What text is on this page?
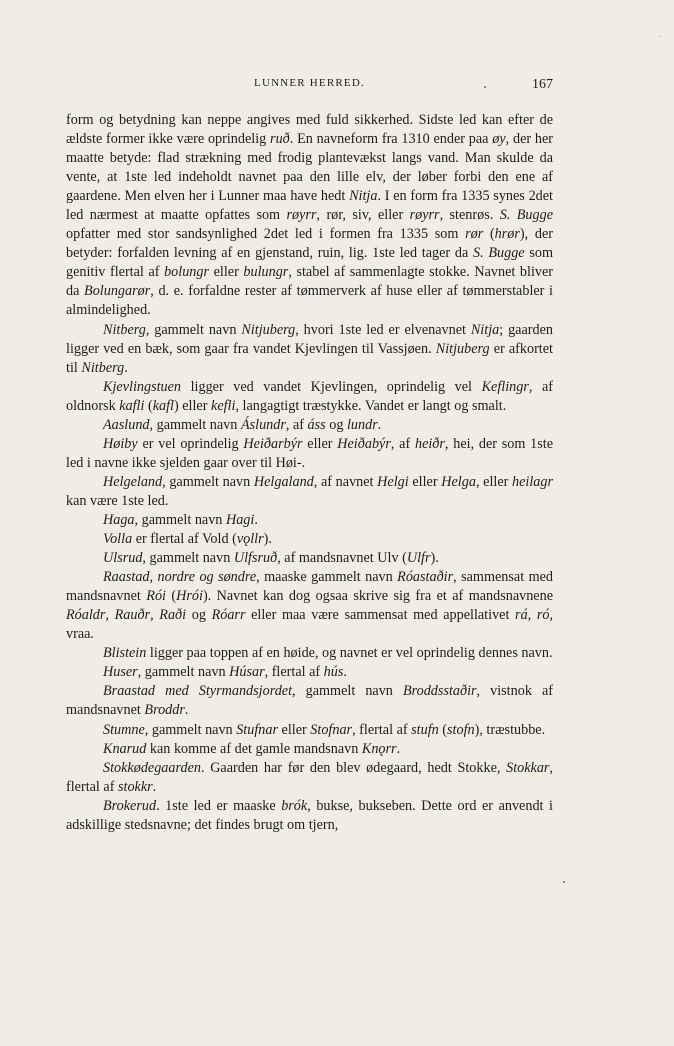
LUNNER HERRED.	167

form og betydning kan neppe angives med fuld sikkerhed. Sidste led kan efter de ældste former ikke være oprindelig ruð. En navneform fra 1310 ender paa øy, der her maatte betyde: flad strækning med frodig plantevækst langs vand. Man skulde da vente, at 1ste led indeholdt navnet paa den lille elv, der løber forbi den ene af gaardene. Men elven her i Lunner maa have hedt Nitja. I en form fra 1335 synes 2det led nærmest at maatte opfattes som røyrr, rør, siv, eller røyrr, stenrøs. S. Bugge opfatter med stor sandsynlighed 2det led i formen fra 1335 som rør (hrør), der betyder: forfalden levning af en gjenstand, ruin, lig. 1ste led tager da S. Bugge som genitiv flertal af bolungr eller bulungr, stabel af sammenlagte stokke. Navnet bliver da Bolungarør, d. e. forfaldne rester af tømmerverk af huse eller af tømmerstabler i almindelighed.

Nitberg, gammelt navn Nitjuberg, hvori 1ste led er elvenavnet Nitja; gaarden ligger ved en bæk, som gaar fra vandet Kjevlingen til Vassjøen. Nitjuberg er afkortet til Nitberg.

Kjevlingstuen ligger ved vandet Kjevlingen, oprindelig vel Keflingr, af oldnorsk kafli (kafl) eller kefli, langagtigt træstykke. Vandet er langt og smalt.

Aaslund, gammelt navn Áslundr, af áss og lundr.

Høiby er vel oprindelig Heiðarbýr eller Heiðabýr, af heiðr, hei, der som 1ste led i navne ikke sjelden gaar over til Høi-.

Helgeland, gammelt navn Helgaland, af navnet Helgi eller Helga, eller heilagr kan være 1ste led.

Haga, gammelt navn Hagi.

Volla er flertal af Vold (vǫllr).

Ulsrud, gammelt navn Ulfsruð, af mandsnavnet Ulv (Ulfr).

Raastad, nordre og søndre, maaske gammelt navn Róastaðir, sammensat med mandsnavnet Rói (Hrói). Navnet kan dog ogsaa skrive sig fra et af mandsnavnene Róaldr, Rauðr, Raði og Róarr eller maa være sammensat med appellativet rá, ró, vraa.

Blistein ligger paa toppen af en høide, og navnet er vel oprindelig dennes navn.

Huser, gammelt navn Húsar, flertal af hús.

Braastad med Styrmandsjordet, gammelt navn Broddsstaðir, vistnok af mandsnavnet Broddr.

Stumne, gammelt navn Stufnar eller Stofnar, flertal af stufn (stofn), træstubbe.

Knarud kan komme af det gamle mandsnavn Knǫrr.

Stokkødegaarden. Gaarden har før den blev ødegaard, hedt Stokke, Stokkar, flertal af stokkr.

Brokerud. 1ste led er maaske brók, bukse, bukseben. Dette ord er anvendt i adskillige stedsnavne; det findes brugt om tjern,
